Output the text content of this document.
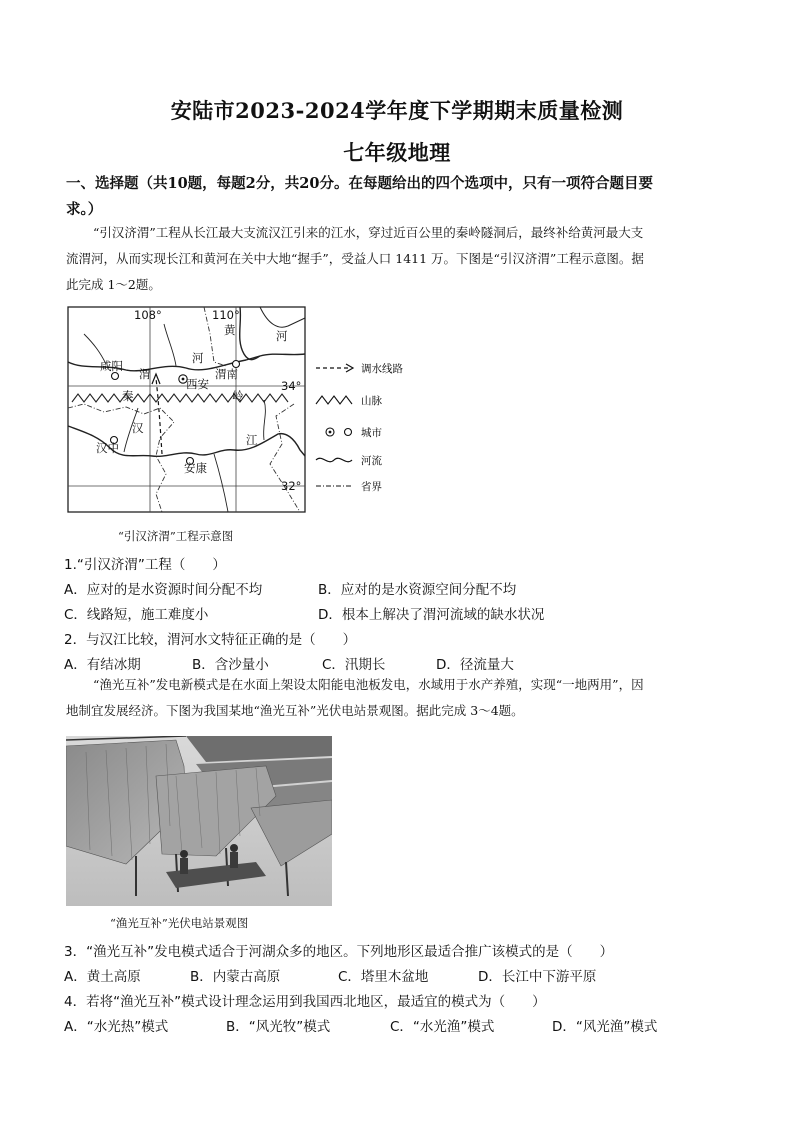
安陆市2023-2024学年度下学期期末质量检测
七年级地理
一、选择题（共10题，每题2分，共20分。在每题给出的四个选项中，只有一项符合题目要
求。）
“引汉济渭”工程从长江最大支流汉江引来的江水，穿过近百公里的秦岭隧洞后，最终补给黄河最大支
流渭河，从而实现长江和黄河在关中大地“握手”，受益人口 1411 万。下图是“引汉济渭”工程示意图。据
此完成 1～2题。
108°	110°
34°
32°
咸阳
西安
渭南
汉中
安康
渭
河
黄	河
秦	岭
汉
江
调水线路
山脉
城市
河流
省界
“引汉济渭”工程示意图
1.“引汉济渭”工程（　　）
A．应对的是水资源时间分配不均	B．应对的是水资源空间分配不均
C．线路短，施工难度小	D．根本上解决了渭河流域的缺水状况
2．与汉江比较，渭河水文特征正确的是（　　）
A．有结冰期	B．含沙量小	C．汛期长	D．径流量大
“渔光互补”发电新模式是在水面上架设太阳能电池板发电，水域用于水产养殖，实现“一地两用”，因
地制宜发展经济。下图为我国某地“渔光互补”光伏电站景观图。据此完成 3～4题。
“渔光互补”光伏电站景观图
3．“渔光互补”发电模式适合于河湖众多的地区。下列地形区最适合推广该模式的是（　　）
A．黄土高原	B．内蒙古高原	C．塔里木盆地	D．长江中下游平原
4．若将“渔光互补”模式设计理念运用到我国西北地区，最适宜的模式为（　　）
A．“水光热”模式	B．“风光牧”模式	C．“水光渔”模式	D．“风光渔”模式
